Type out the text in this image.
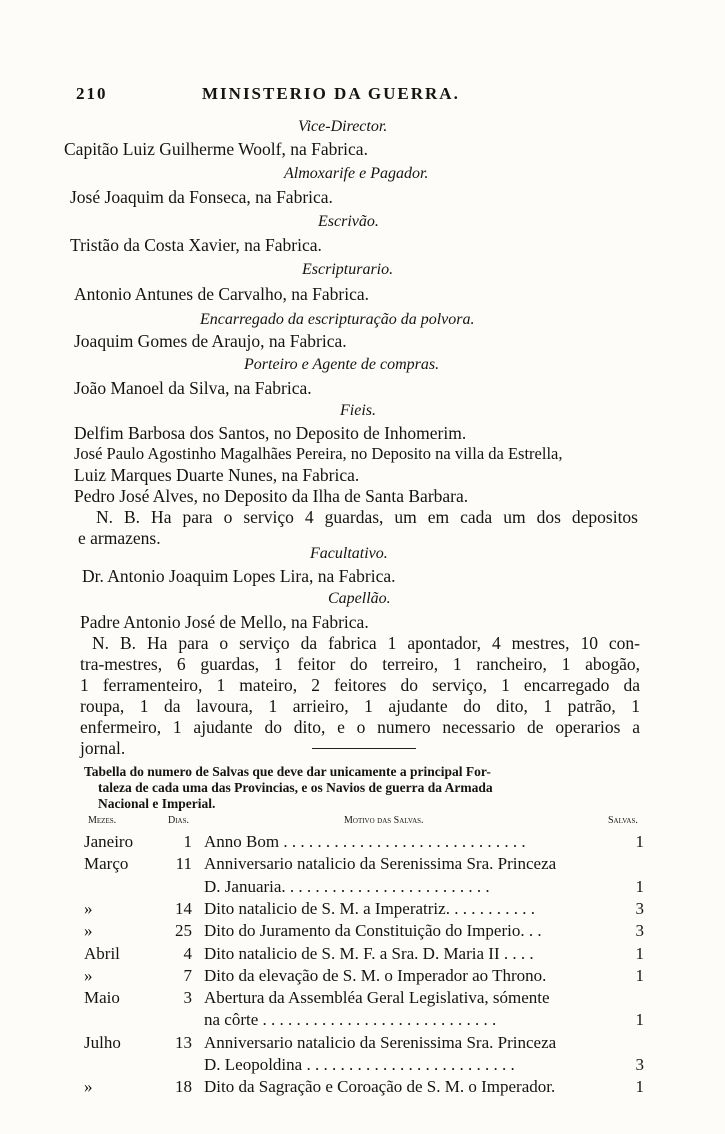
210	MINISTERIO DA GUERRA.
Vice-Director.
Capitão Luiz Guilherme Woolf, na Fabrica.
Almoxarife e Pagador.
José Joaquim da Fonseca, na Fabrica.
Escrivão.
Tristão da Costa Xavier, na Fabrica.
Escripturario.
Antonio Antunes de Carvalho, na Fabrica.
Encarregado da escripturação da polvora.
Joaquim Gomes de Araujo, na Fabrica.
Porteiro e Agente de compras.
João Manoel da Silva, na Fabrica.
Fieis.
Delfim Barbosa dos Santos, no Deposito de Inhomerim.
José Paulo Agostinho Magalhães Pereira, no Deposito na villa da Estrella,
Luiz Marques Duarte Nunes, na Fabrica.
Pedro José Alves, no Deposito da Ilha de Santa Barbara.
N. B. Ha para o serviço 4 guardas, um em cada um dos depositos
e armazens.
Facultativo.
Dr. Antonio Joaquim Lopes Lira, na Fabrica.
Capellão.
Padre Antonio José de Mello, na Fabrica.
N. B. Ha para o serviço da fabrica 1 apontador, 4 mestres, 10 con-
tra-mestres, 6 guardas, 1 feitor do terreiro, 1 rancheiro, 1 abogão,
1 ferramenteiro, 1 mateiro, 2 feitores do serviço, 1 encarregado da
roupa, 1 da lavoura, 1 arrieiro, 1 ajudante do dito, 1 patrão, 1
enfermeiro, 1 ajudante do dito, e o numero necessario de operarios a
jornal.
Tabella do numero de Salvas que deve dar unicamente a principal For-
taleza de cada uma das Provincias, e os Navios de guerra da Armada
Nacional e Imperial.
Mezes.	Dias.	Motivo das Salvas.	Salvas.
Janeiro	1 Anno Bom . . . . . . . . . . . . . . . . . . . . . . . . . . . . .	1
Março	11 Anniversario natalicio da Serenissima Sra. Princeza
D. Januaria. . . . . . . . . . . . . . . . . . . . . . . . .	1
»	14 Dito natalicio de S. M. a Imperatriz. . . . . . . . . . .	3
»	25 Dito do Juramento da Constituição do Imperio. . .	3
Abril	4 Dito natalicio de S. M. F. a Sra. D. Maria II . . . .	1
»	7 Dito da elevação de S. M. o Imperador ao Throno.	1
Maio	3 Abertura da Assembléa Geral Legislativa, sómente
na côrte . . . . . . . . . . . . . . . . . . . . . . . . . . . .	1
Julho	13 Anniversario natalicio da Serenissima Sra. Princeza
D. Leopoldina . . . . . . . . . . . . . . . . . . . . . . . . .	3
»	18 Dito da Sagração e Coroação de S. M. o Imperador.	1
